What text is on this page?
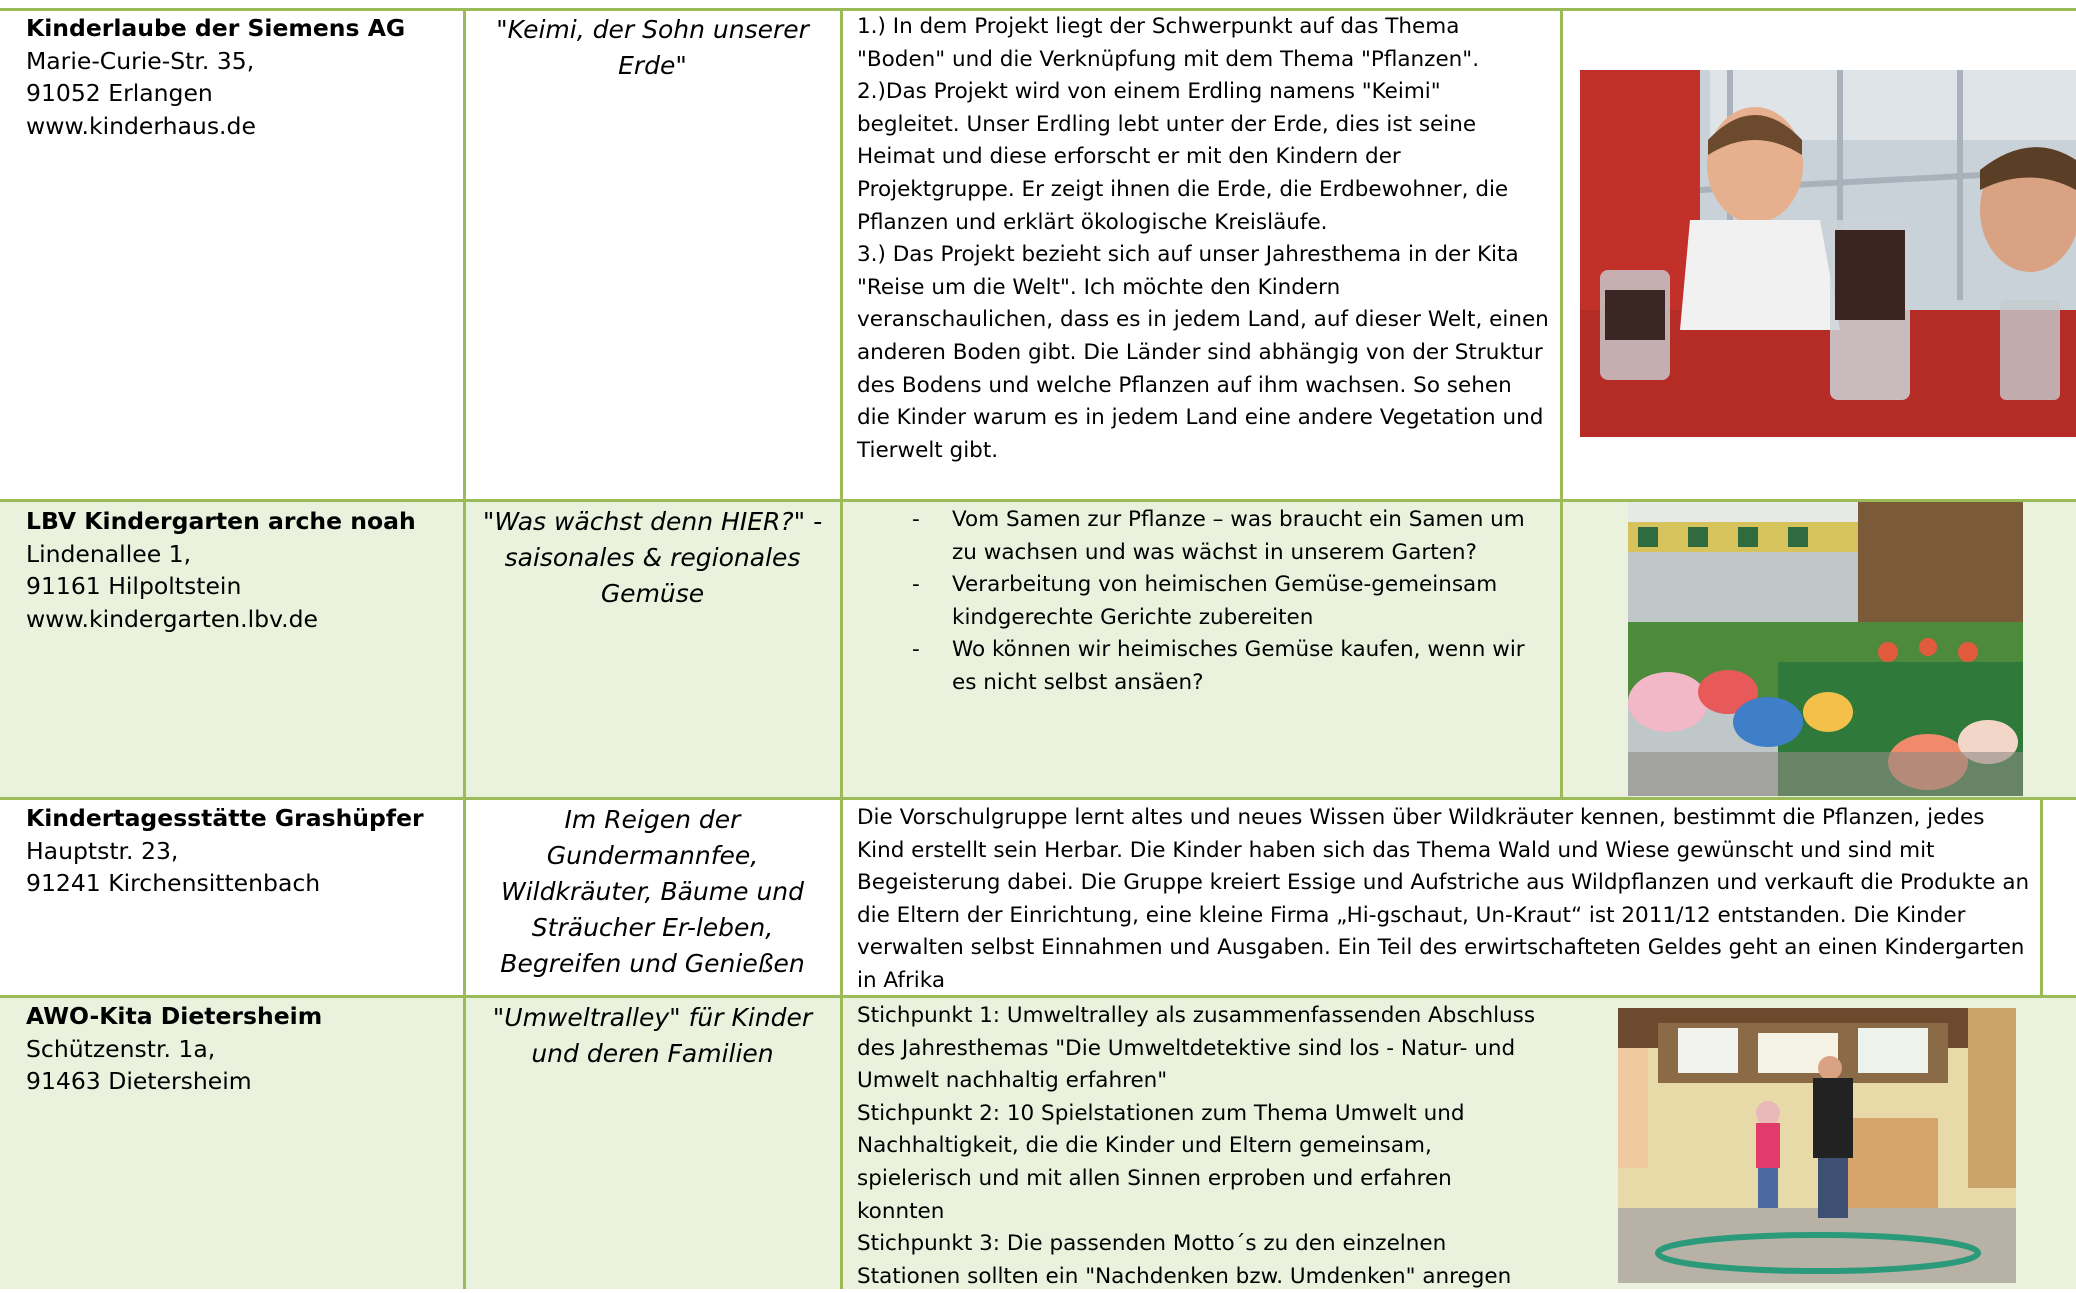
Kinderlaube der Siemens AG
Marie-Curie-Str. 35,
91052 Erlangen
www.kinderhaus.de
"Keimi, der Sohn unserer Erde"
1.) In dem Projekt liegt der Schwerpunkt auf das Thema
"Boden" und die Verknüpfung mit dem Thema "Pflanzen".
2.)Das Projekt wird von einem Erdling namens "Keimi"
begleitet. Unser Erdling lebt unter der Erde, dies ist seine
Heimat und diese erforscht er mit den Kindern der
Projektgruppe. Er zeigt ihnen die Erde, die Erdbewohner, die
Pflanzen und erklärt ökologische Kreisläufe.
3.) Das Projekt bezieht sich auf unser Jahresthema in der Kita
"Reise um die Welt". Ich möchte den Kindern
veranschaulichen, dass es in jedem Land, auf dieser Welt, einen
anderen Boden gibt. Die Länder sind abhängig von der Struktur
des Bodens und welche Pflanzen auf ihm wachsen. So sehen
die Kinder warum es in jedem Land eine andere Vegetation und
Tierwelt gibt.
LBV Kindergarten arche noah
Lindenallee 1,
91161 Hilpoltstein
www.kindergarten.lbv.de
"Was wächst denn HIER?" - saisonales & regionales Gemüse
- Vom Samen zur Pflanze – was braucht ein Samen um
zu wachsen und was wächst in unserem Garten?
- Verarbeitung von heimischen Gemüse-gemeinsam
kindgerechte Gerichte zubereiten
- Wo können wir heimisches Gemüse kaufen, wenn wir
es nicht selbst ansäen?
Kindertagesstätte Grashüpfer
Hauptstr. 23,
91241 Kirchensittenbach
Im Reigen der Gundermannfee, Wildkräuter, Bäume und Sträucher Er-leben, Begreifen und Genießen
Die Vorschulgruppe lernt altes und neues Wissen über Wildkräuter kennen, bestimmt die Pflanzen, jedes
Kind erstellt sein Herbar. Die Kinder haben sich das Thema Wald und Wiese gewünscht und sind mit
Begeisterung dabei. Die Gruppe kreiert Essige und Aufstriche aus Wildpflanzen und verkauft die Produkte an
die Eltern der Einrichtung, eine kleine Firma „Hi-gschaut, Un-Kraut“ ist 2011/12 entstanden. Die Kinder
verwalten selbst Einnahmen und Ausgaben. Ein Teil des erwirtschafteten Geldes geht an einen Kindergarten
in Afrika
AWO-Kita Dietersheim
Schützenstr. 1a,
91463 Dietersheim
"Umweltralley" für Kinder und deren Familien
Stichpunkt 1: Umweltralley als zusammenfassenden Abschluss
des Jahresthemas "Die Umweltdetektive sind los - Natur- und
Umwelt nachhaltig erfahren"
Stichpunkt 2: 10 Spielstationen zum Thema Umwelt und
Nachhaltigkeit, die die Kinder und Eltern gemeinsam,
spielerisch und mit allen Sinnen erproben und erfahren
konnten
Stichpunkt 3: Die passenden Motto´s zu den einzelnen
Stationen sollten ein "Nachdenken bzw. Umdenken" anregen
